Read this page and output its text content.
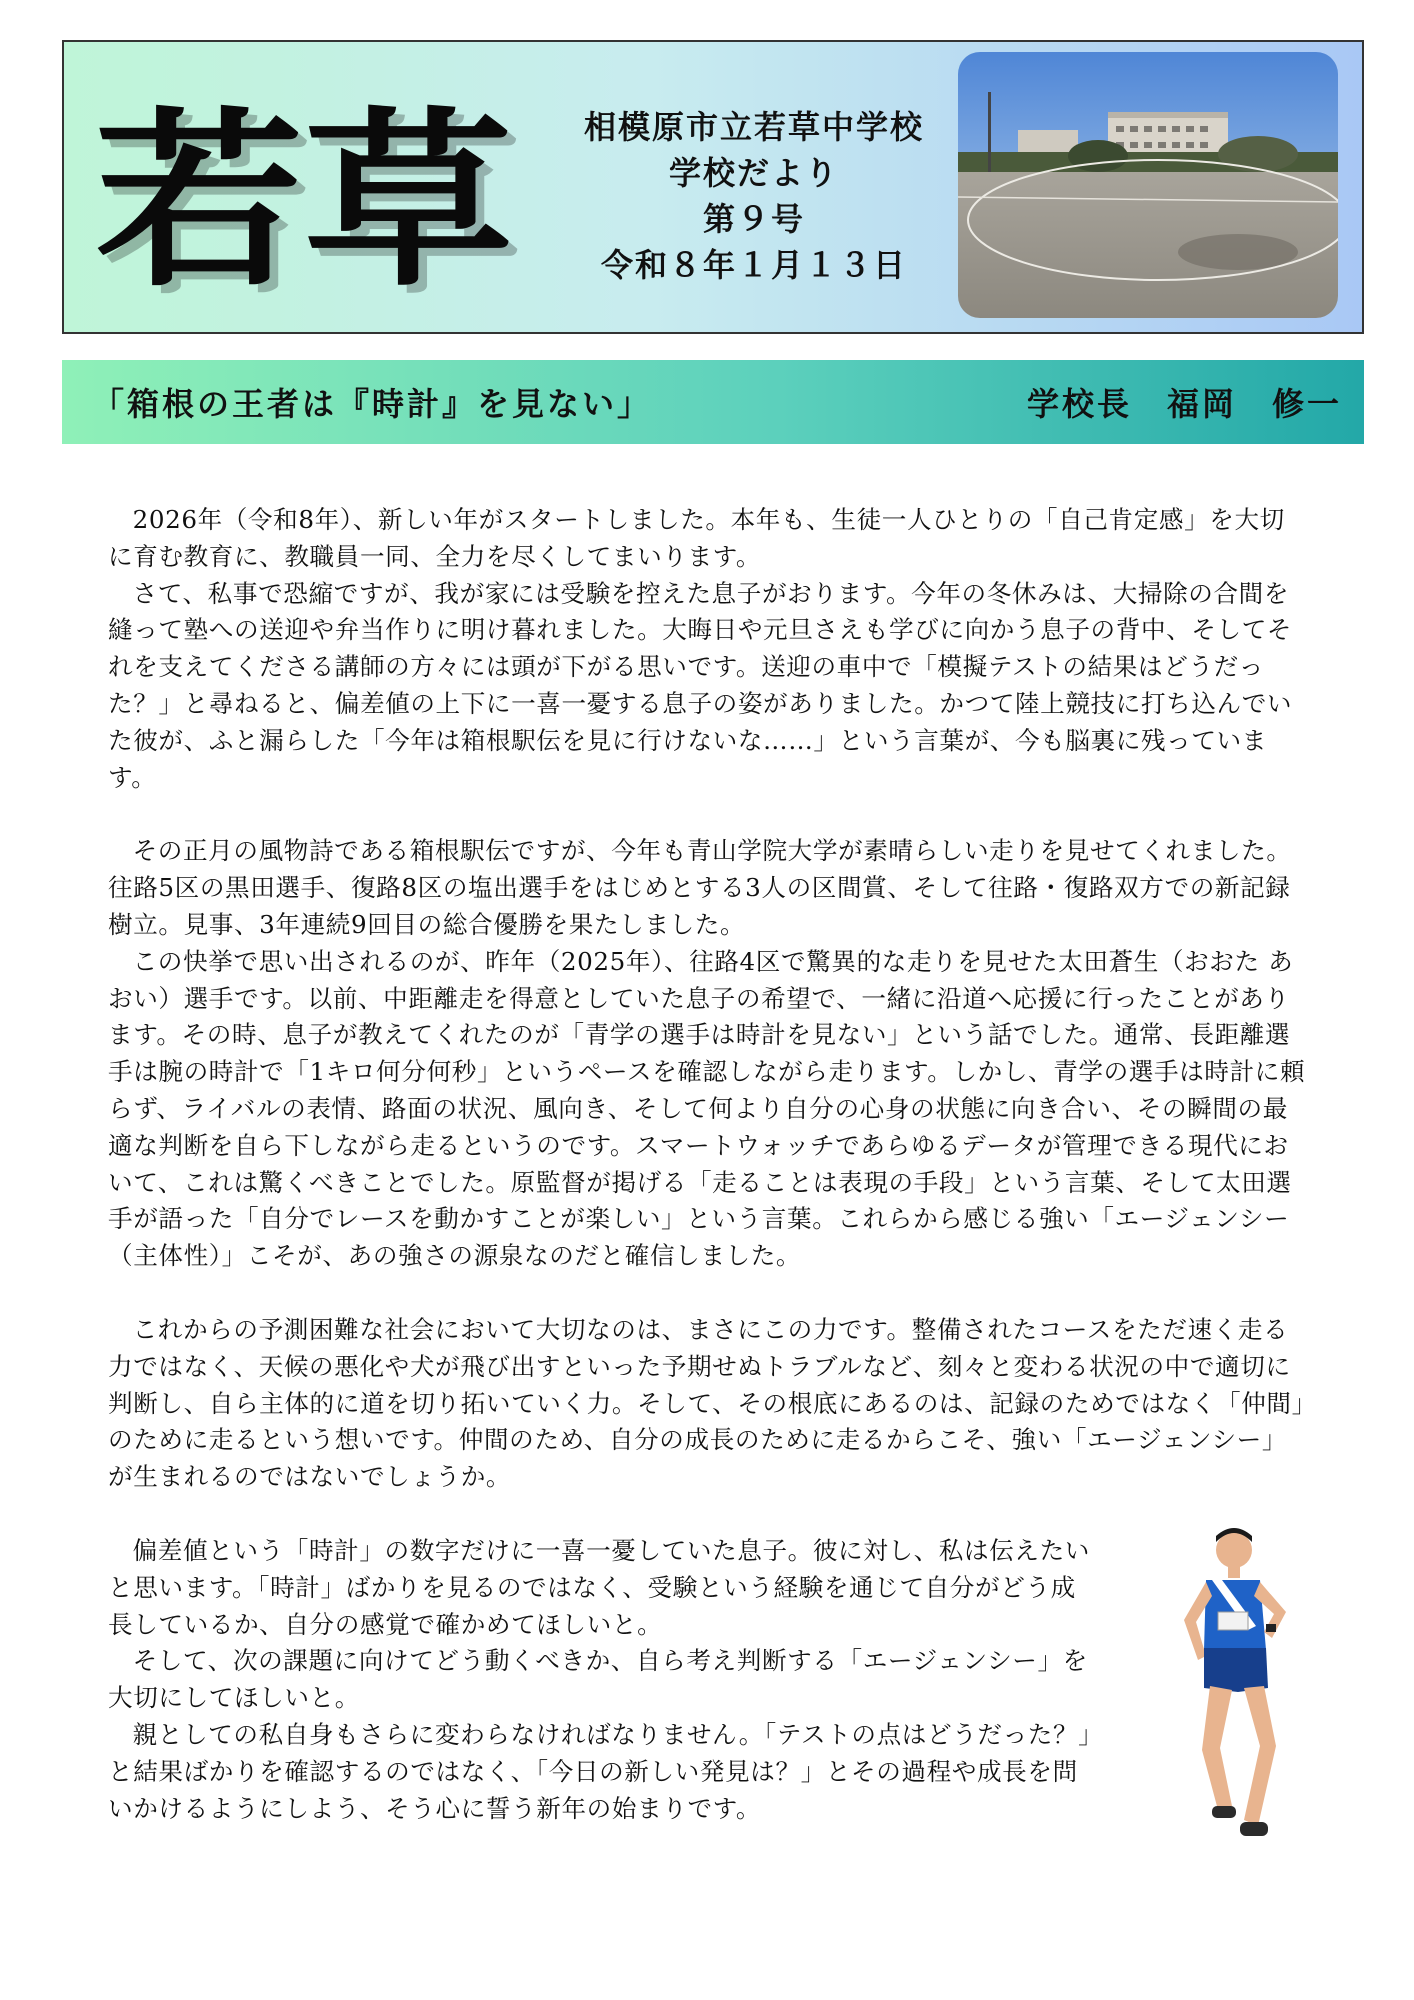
若草	相模原市立若草中学校
学校だより
第９号
令和８年１月１３日
「箱根の王者は『時計』を見ない」	学校長　福岡　修一

2026年（令和8年）、新しい年がスタートしました。本年も、生徒一人ひとりの「自己肯定感」を大切に育む教育に、教職員一同、全力を尽くしてまいります。

さて、私事で恐縮ですが、我が家には受験を控えた息子がおります。今年の冬休みは、大掃除の合間を縫って塾への送迎や弁当作りに明け暮れました。大晦日や元旦さえも学びに向かう息子の背中、そしてそれを支えてくださる講師の方々には頭が下がる思いです。送迎の車中で「模擬テストの結果はどうだった？」と尋ねると、偏差値の上下に一喜一憂する息子の姿がありました。かつて陸上競技に打ち込んでいた彼が、ふと漏らした「今年は箱根駅伝を見に行けないな……」という言葉が、今も脳裏に残っています。

その正月の風物詩である箱根駅伝ですが、今年も青山学院大学が素晴らしい走りを見せてくれました。往路5区の黒田選手、復路8区の塩出選手をはじめとする3人の区間賞、そして往路・復路双方での新記録樹立。見事、3年連続9回目の総合優勝を果たしました。

この快挙で思い出されるのが、昨年（2025年）、往路4区で驚異的な走りを見せた太田蒼生（おおた あおい）選手です。以前、中距離走を得意としていた息子の希望で、一緒に沿道へ応援に行ったことがあります。その時、息子が教えてくれたのが「青学の選手は時計を見ない」という話でした。通常、長距離選手は腕の時計で「1キロ何分何秒」というペースを確認しながら走ります。しかし、青学の選手は時計に頼らず、ライバルの表情、路面の状況、風向き、そして何より自分の心身の状態に向き合い、その瞬間の最適な判断を自ら下しながら走るというのです。スマートウォッチであらゆるデータが管理できる現代において、これは驚くべきことでした。原監督が掲げる「走ることは表現の手段」という言葉、そして太田選手が語った「自分でレースを動かすことが楽しい」という言葉。これらから感じる強い「エージェンシー（主体性）」こそが、あの強さの源泉なのだと確信しました。

これからの予測困難な社会において大切なのは、まさにこの力です。整備されたコースをただ速く走る力ではなく、天候の悪化や犬が飛び出すといった予期せぬトラブルなど、刻々と変わる状況の中で適切に判断し、自ら主体的に道を切り拓いていく力。そして、その根底にあるのは、記録のためではなく「仲間」のために走るという想いです。仲間のため、自分の成長のために走るからこそ、強い「エージェンシー」が生まれるのではないでしょうか。

偏差値という「時計」の数字だけに一喜一憂していた息子。彼に対し、私は伝えたいと思います。「時計」ばかりを見るのではなく、受験という経験を通じて自分がどう成長しているか、自分の感覚で確かめてほしいと。

そして、次の課題に向けてどう動くべきか、自ら考え判断する「エージェンシー」を大切にしてほしいと。

親としての私自身もさらに変わらなければなりません。「テストの点はどうだった？」と結果ばかりを確認するのではなく、「今日の新しい発見は？」とその過程や成長を問いかけるようにしよう、そう心に誓う新年の始まりです。
